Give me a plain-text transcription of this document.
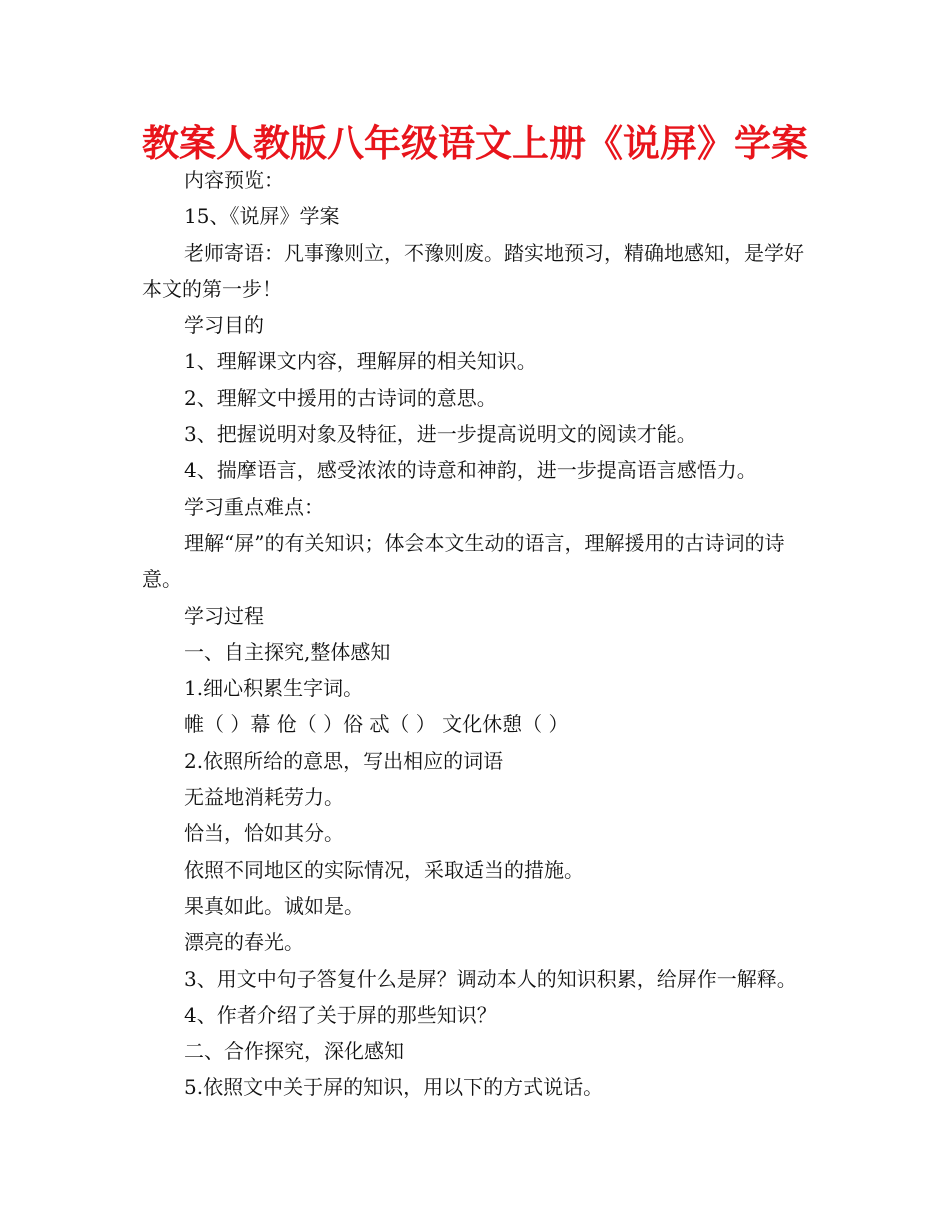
教案人教版八年级语文上册《说屏》学案

内容预览：

15、《说屏》学案

老师寄语：凡事豫则立，不豫则废。踏实地预习，精确地感知，是学好本文的第一步！

学习目的

1、理解课文内容，理解屏的相关知识。

2、理解文中援用的古诗词的意思。

3、把握说明对象及特征，进一步提高说明文的阅读才能。

4、揣摩语言，感受浓浓的诗意和神韵，进一步提高语言感悟力。

学习重点难点：

理解“屏”的有关知识；体会本文生动的语言，理解援用的古诗词的诗意。

学习过程

一、自主探究,整体感知

1.细心积累生字词。

帷（ ）幕 伧（ ）俗 忒（ ） 文化休憩（ ）

2.依照所给的意思，写出相应的词语

无益地消耗劳力。

恰当，恰如其分。

依照不同地区的实际情况，采取适当的措施。

果真如此。诚如是。

漂亮的春光。

3、用文中句子答复什么是屏？调动本人的知识积累，给屏作一解释。

4、作者介绍了关于屏的那些知识？

二、合作探究，深化感知

5.依照文中关于屏的知识，用以下的方式说话。
